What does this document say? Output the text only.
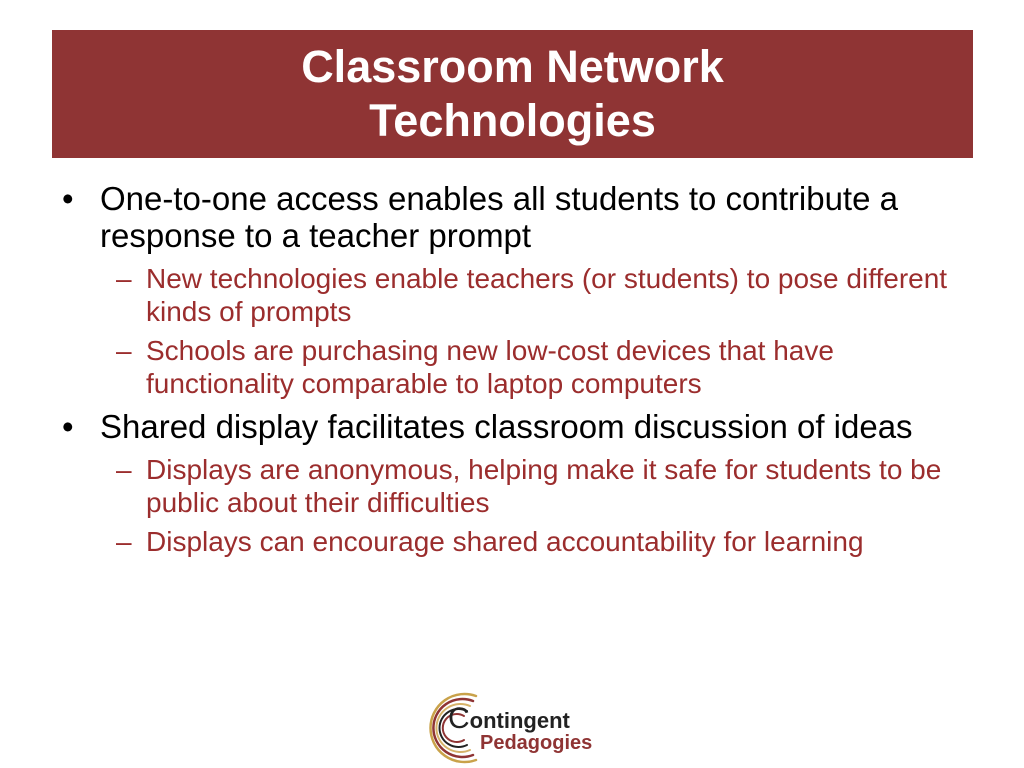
Classroom Network Technologies
• One-to-one access enables all students to contribute a response to a teacher prompt
– New technologies enable teachers (or students) to pose different kinds of prompts
– Schools are purchasing new low-cost devices that have functionality comparable to laptop computers
• Shared display facilitates classroom discussion of ideas
– Displays are anonymous, helping make it safe for students to be public about their difficulties
– Displays can encourage shared accountability for learning
Contingent
Pedagogies
